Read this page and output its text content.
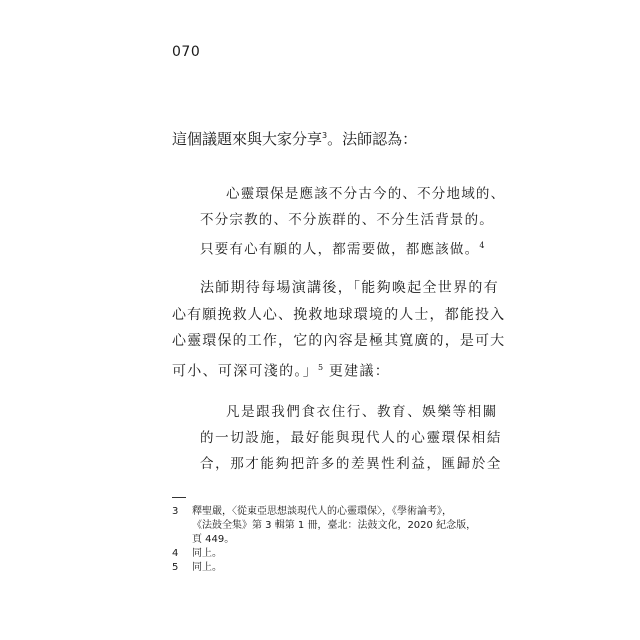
070
這個議題來與大家分享$^3$。法師認為：
心靈環保是應該不分古今的、不分地域的、
不分宗教的、不分族群的、不分生活背景的。
只要有心有願的人，都需要做，都應該做。$^4$
法師期待每場演講後，「能夠喚起全世界的有
心有願挽救人心、挽救地球環境的人士，都能投入
心靈環保的工作，它的內容是極其寬廣的，是可大
可小、可深可淺的。」$^5$ 更建議：
凡是跟我們食衣住行、教育、娛樂等相關
的一切設施，最好能與現代人的心靈環保相結
合，那才能夠把許多的差異性利益，匯歸於全
3	釋聖嚴，〈從東亞思想談現代人的心靈環保〉，《學術論考》，
《法鼓全集》第 3 輯第 1 冊，臺北：法鼓文化，2020 紀念版，
頁 449。
4	同上。
5	同上。
